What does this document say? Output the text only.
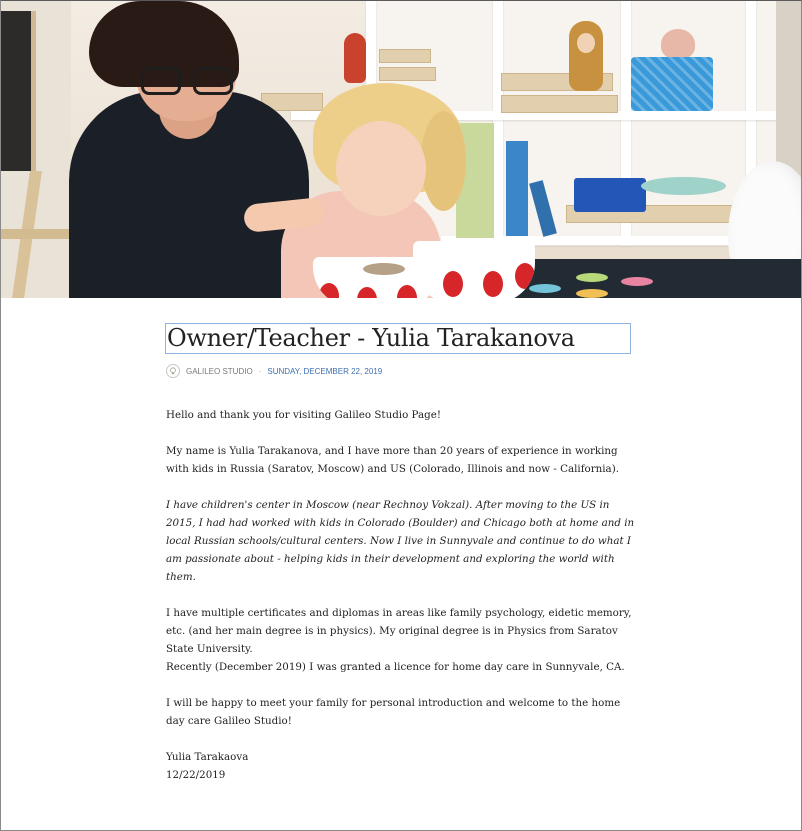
Owner/Teacher - Yulia Tarakanova
GALILEO STUDIO · SUNDAY, DECEMBER 22, 2019

Hello and thank you for visiting Galileo Studio Page!

My name is Yulia Tarakanova, and I have more than 20 years of experience in working with kids in Russia (Saratov, Moscow) and US (Colorado, Illinois and now - California).

I have children's center in Moscow (near Rechnoy Vokzal). After moving to the US in 2015, I had had worked with kids in Colorado (Boulder) and Chicago both at home and in local Russian schools/cultural centers. Now I live in Sunnyvale and continue to do what I am passionate about - helping kids in their development and exploring the world with them.

I have multiple certificates and diplomas in areas like family psychology, eidetic memory, etc. (and her main degree is in physics). My original degree is in Physics from Saratov State University.

Recently (December 2019) I was granted a licence for home day care in Sunnyvale, CA.

I will be happy to meet your family for personal introduction and welcome to the home day care Galileo Studio!

Yulia Tarakaova

12/22/2019
